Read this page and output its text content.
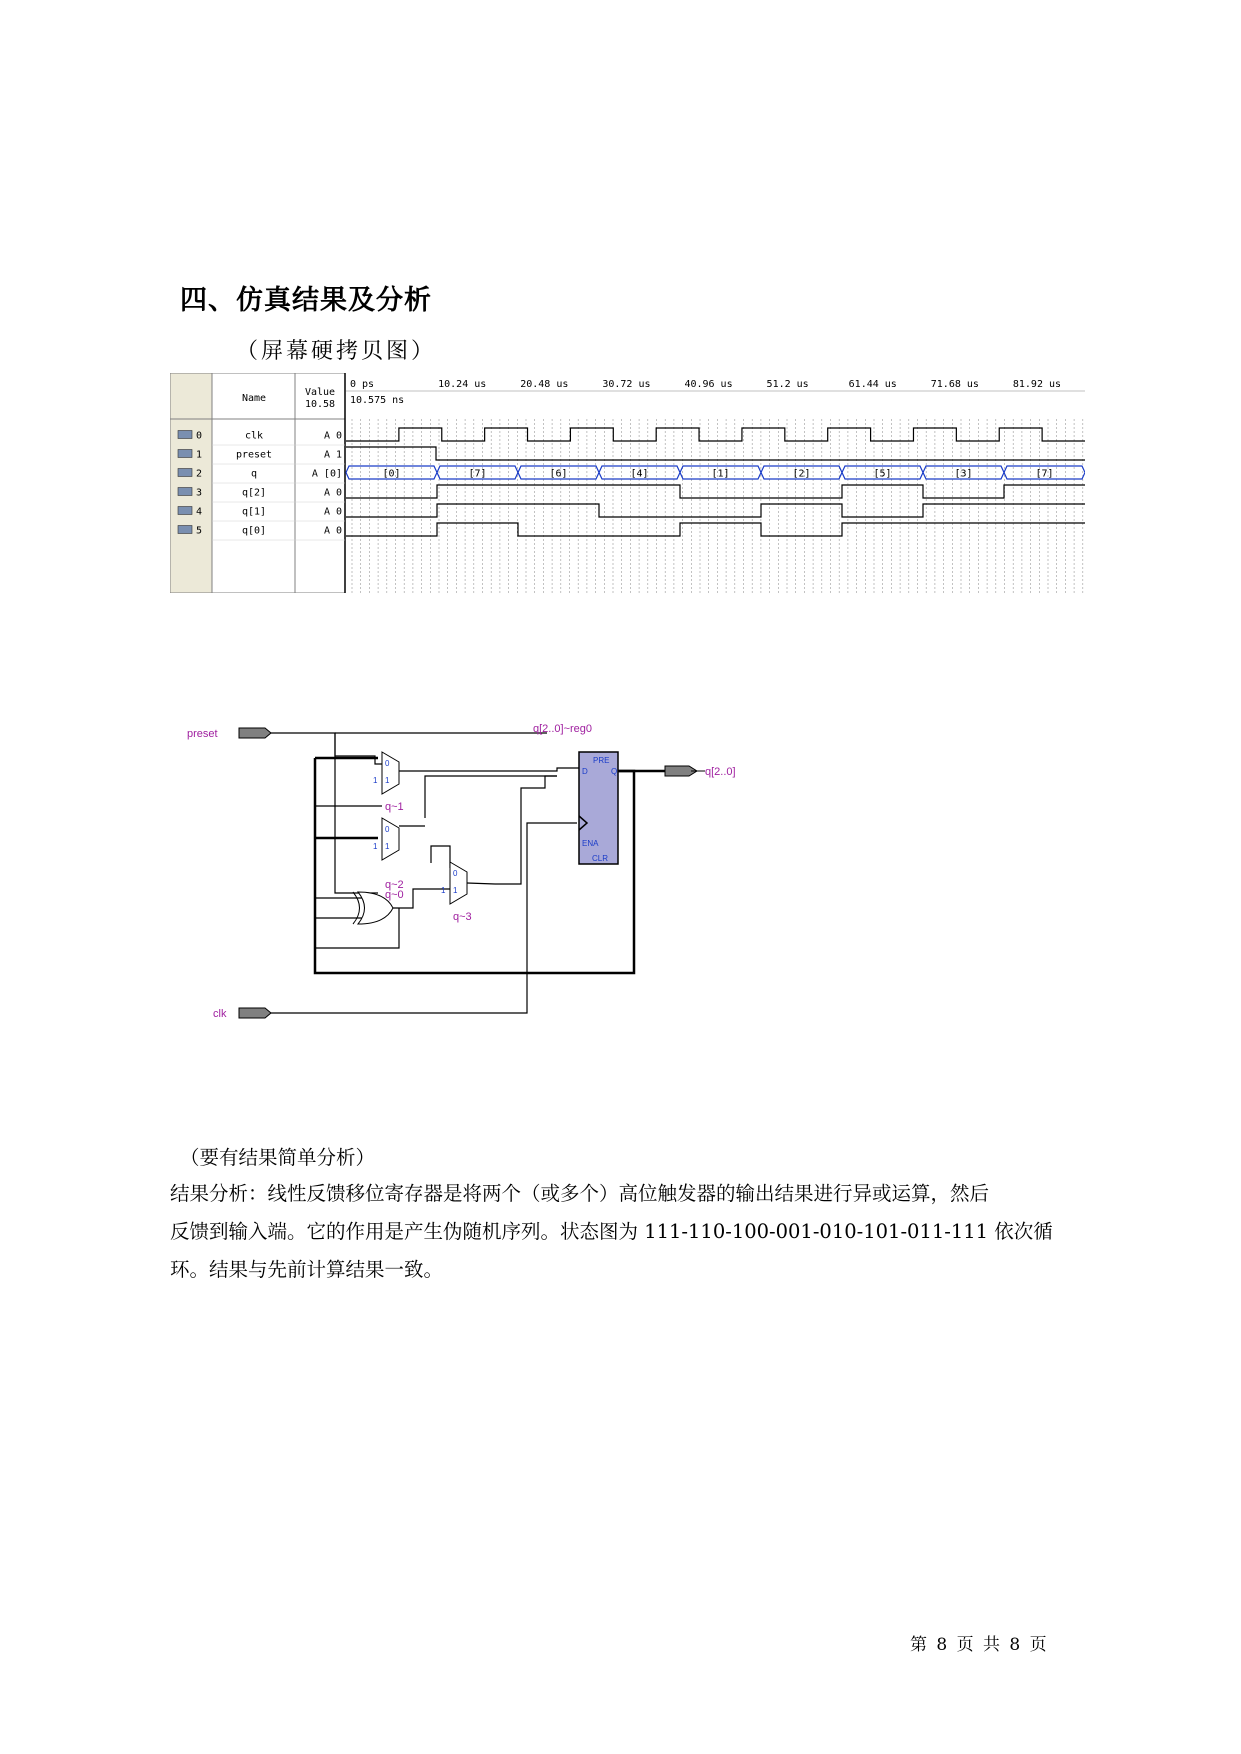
四、仿真结果及分析
（屏幕硬拷贝图）
Name
Value
10.58
0 ps
10.575 ns
10.24 us	20.48 us	30.72 us	40.96 us	51.2 us	61.44 us	71.68 us	81.92 us
0	clk	A 0
1	preset	A 1
2	q	A [0]	[0]	[7]	[6]	[4]	[1]	[2]	[5]	[3]	[7]
3	q[2]	A 0
4	q[1]	A 0
5	q[0]	A 0
preset
clk
0
1
1
q~1
0
1
1
q~2
q~0
0
1
1
q~3
q[2..0]~reg0
PRE
D	Q
ENA
CLR
q[2..0]
（要有结果简单分析）
结果分析：线性反馈移位寄存器是将两个（或多个）高位触发器的输出结果进行异或运算，然后
反馈到输入端。它的作用是产生伪随机序列。状态图为 111-110-100-001-010-101-011-111 依次循
环。结果与先前计算结果一致。
第 8 页 共 8 页
